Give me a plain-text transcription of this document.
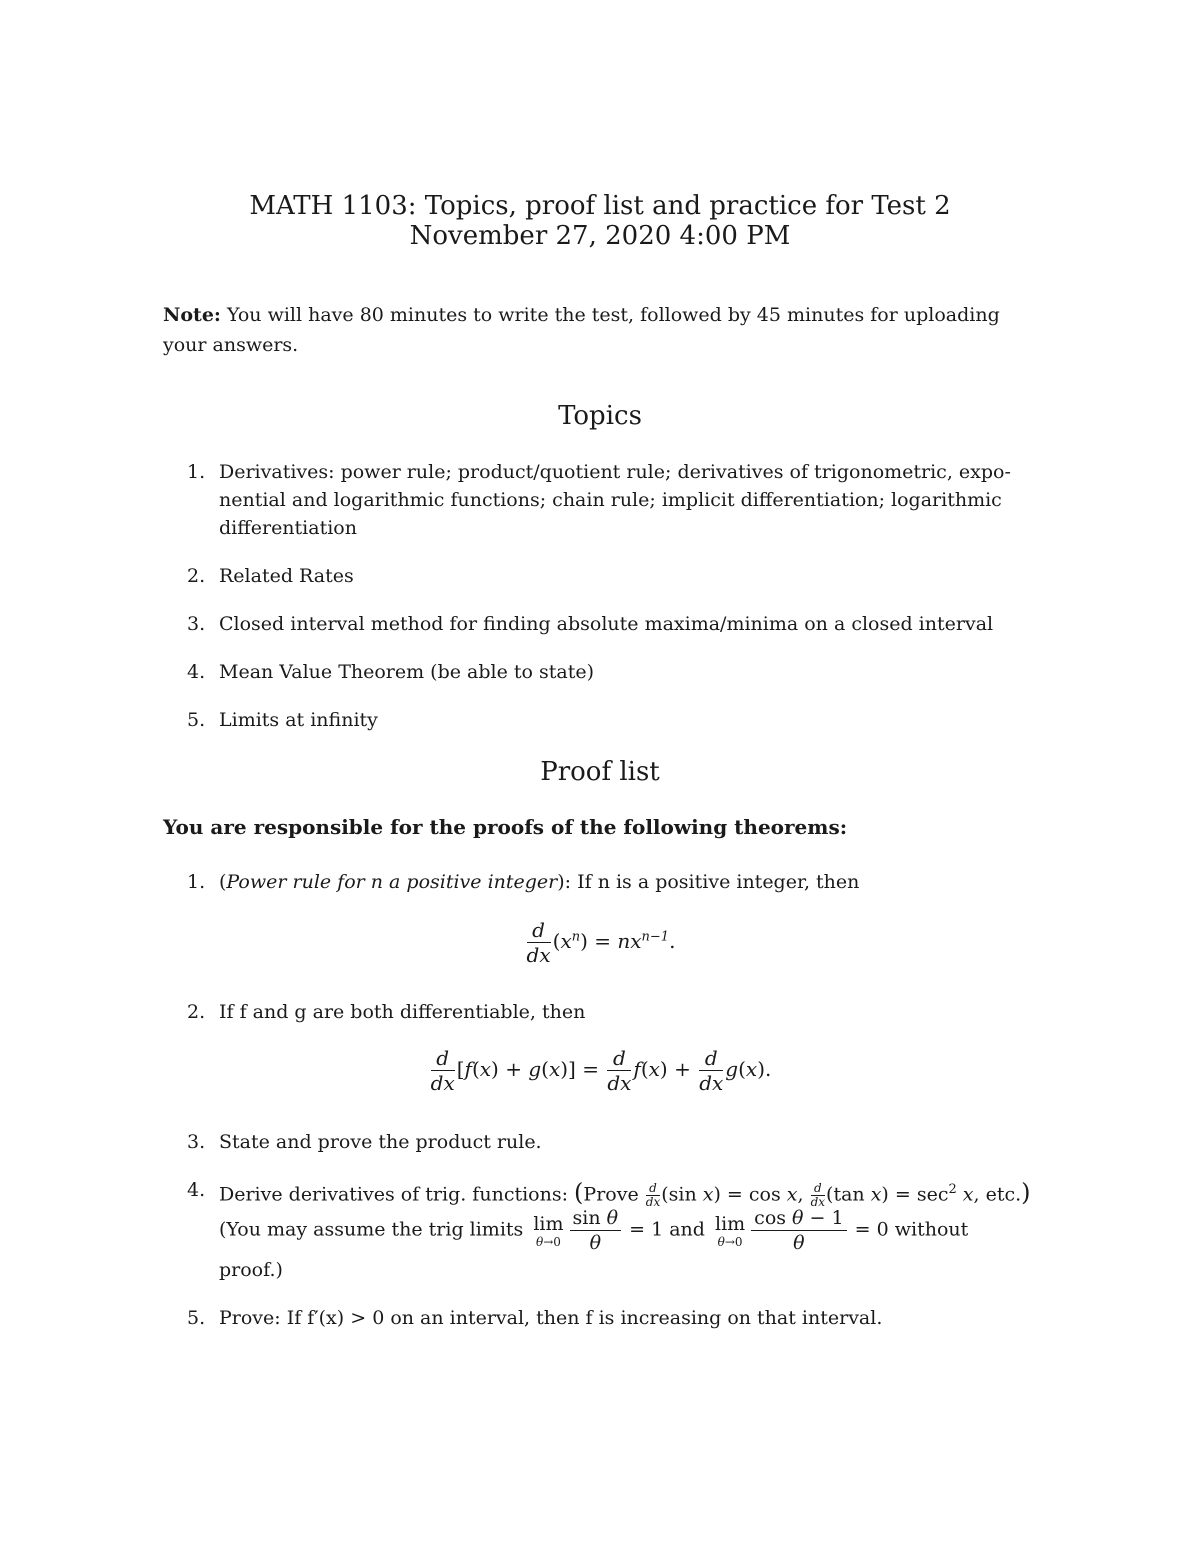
MATH 1103: Topics, proof list and practice for Test 2
November 27, 2020 4:00 PM
Note: You will have 80 minutes to write the test, followed by 45 minutes for uploading your answers.
Topics
1. Derivatives: power rule; product/quotient rule; derivatives of trigonometric, expo-nential and logarithmic functions; chain rule; implicit differentiation; logarithmic differentiation
2. Related Rates
3. Closed interval method for finding absolute maxima/minima on a closed interval
4. Mean Value Theorem (be able to state)
5. Limits at infinity
Proof list
You are responsible for the proofs of the following theorems:
1. (Power rule for n a positive integer): If n is a positive integer, then
$\frac{d}{dx} (x^n) = nx^{n-1}$.
2. If f and g are both differentiable, then
$\frac{d}{dx} [f(x) + g(x)] = \frac{d}{dx} f(x) + \frac{d}{dx} g(x)$.
3. State and prove the product rule.
4. Derive derivatives of trig. functions: (Prove $\frac{d}{dx} (\sin$ x) = cos x, $\frac{d}{dx} (\tan$ $x) = \sec^2 x$, etc.)
(You may assume the trig limits lim
$\theta\to 0 \frac{\text{sin θ}}{\theta} = 1$ and lim
$\theta\to 0 \frac{\text{cos θ − 1}}{\theta} = 0$ without
proof.)
5. Prove: If f′(x) > 0 on an interval, then f is increasing on that interval.
